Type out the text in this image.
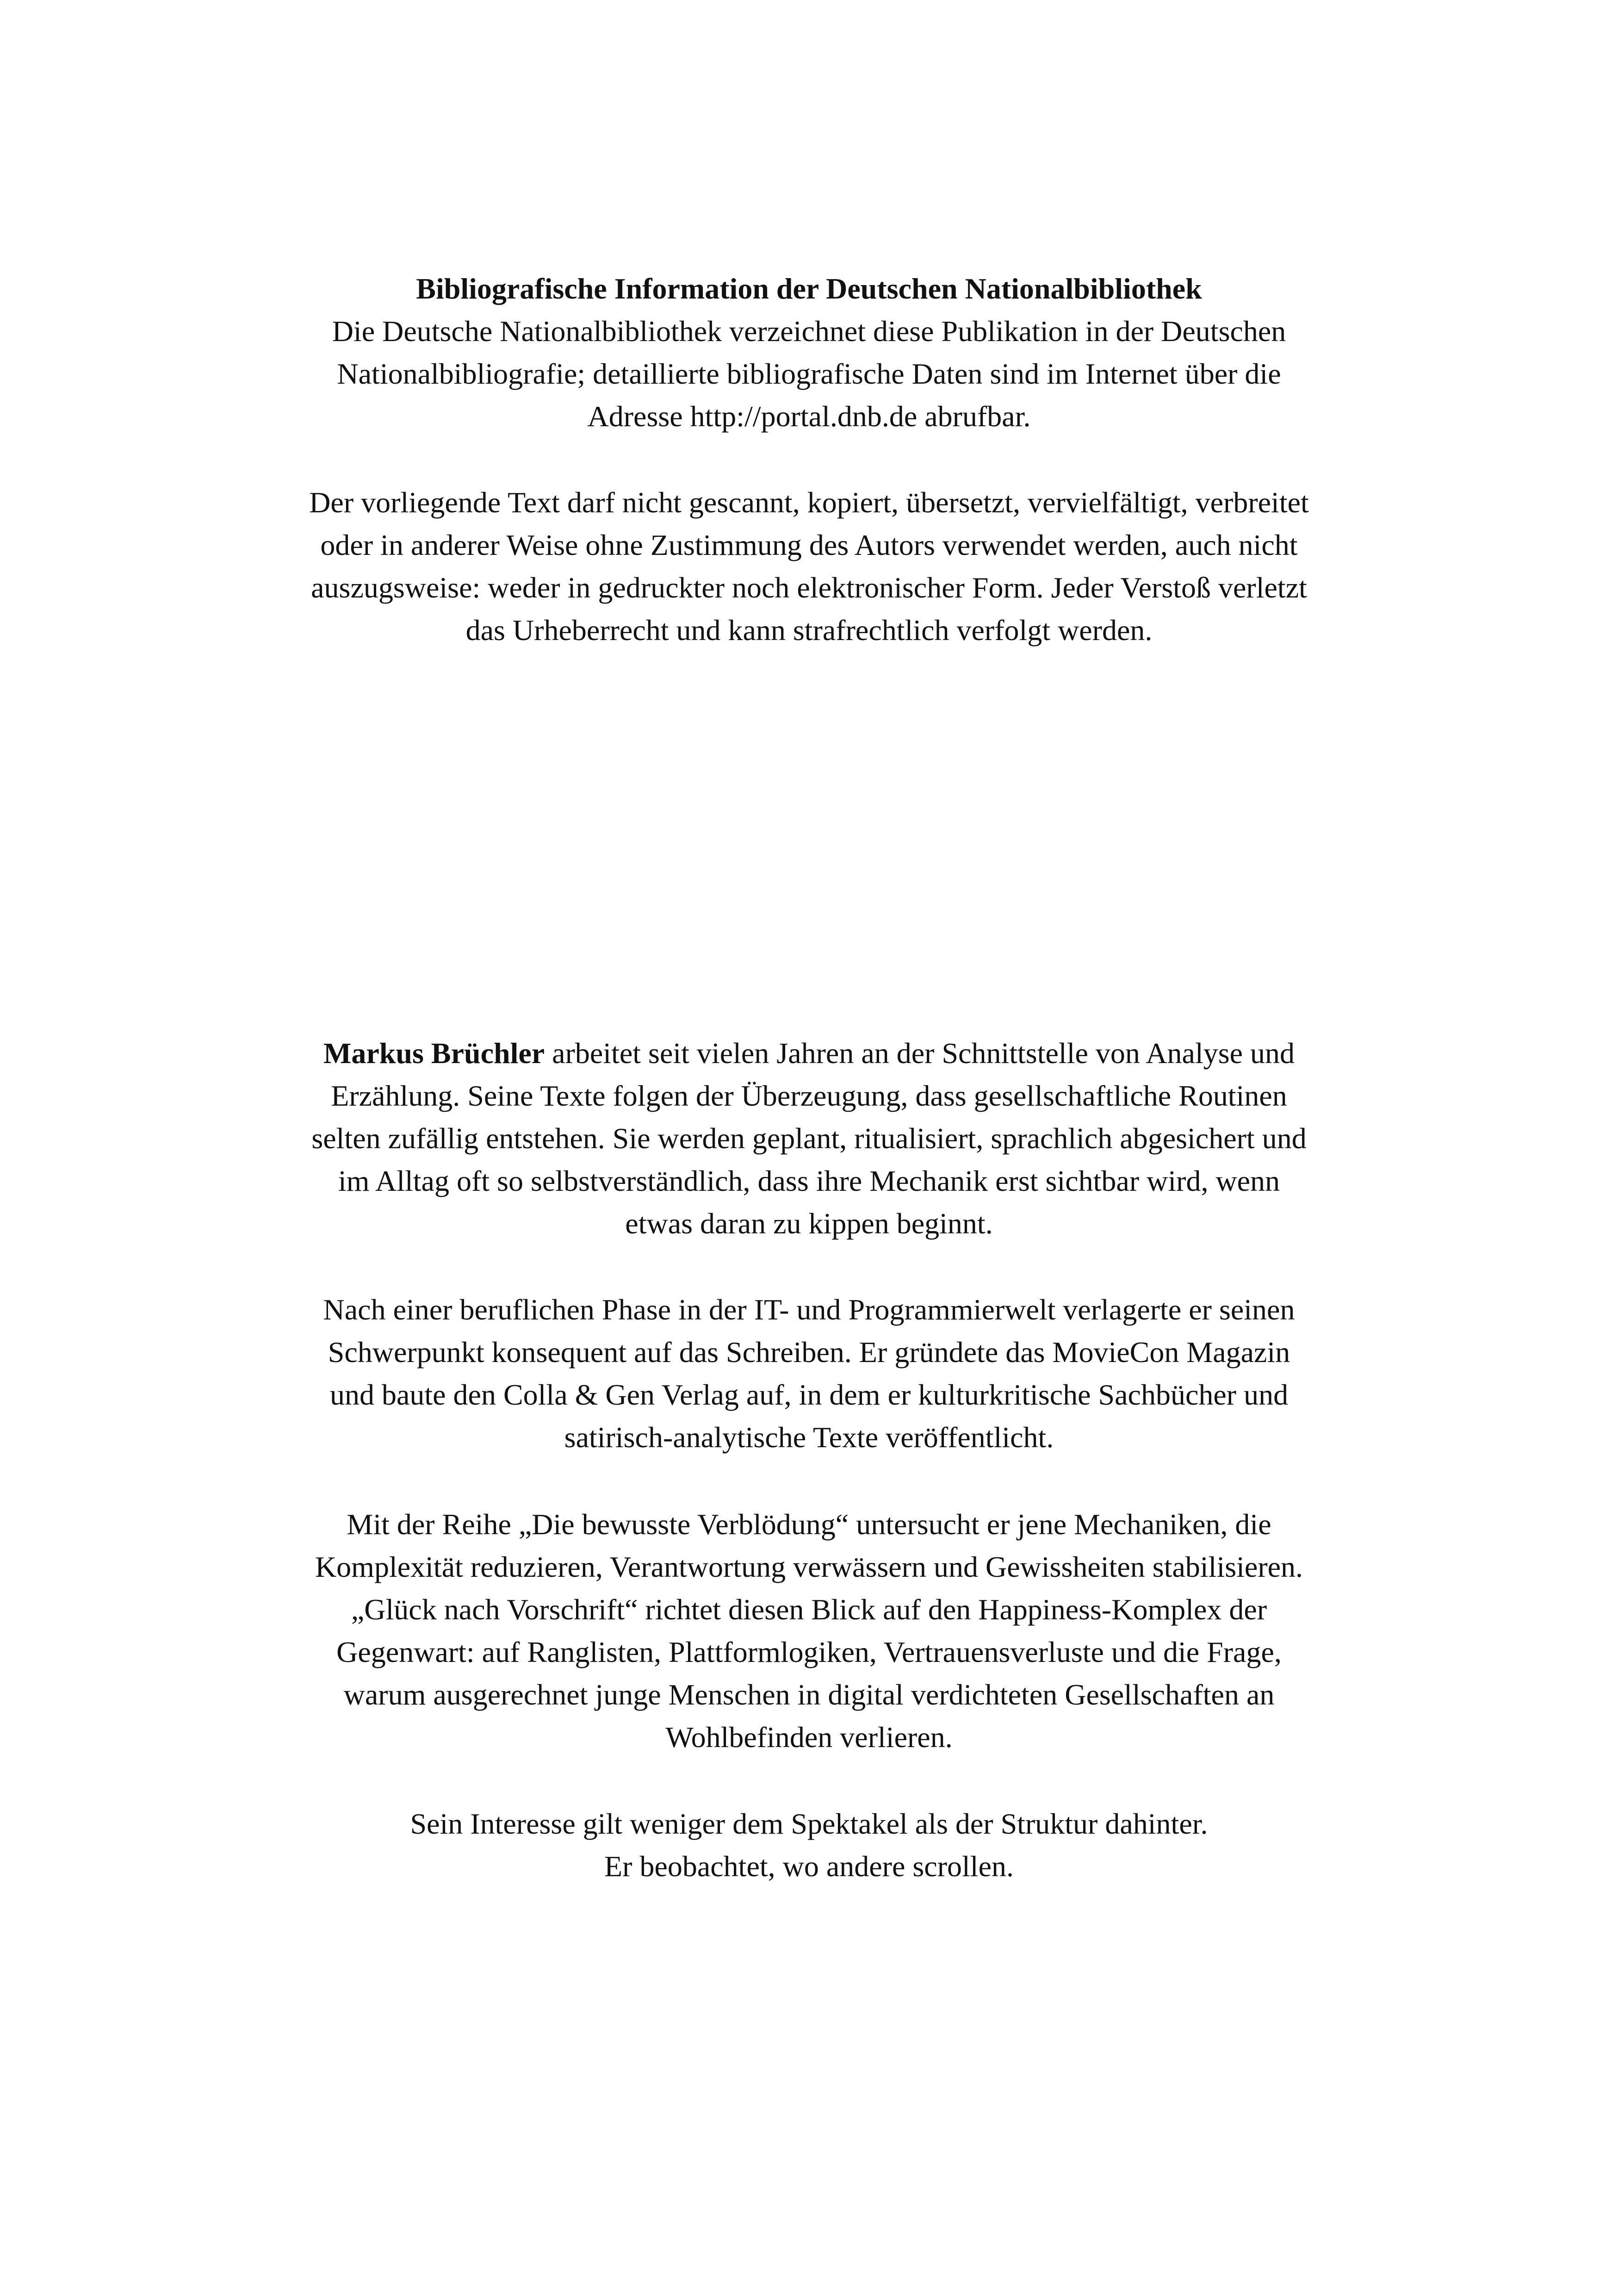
Bibliografische Information der Deutschen Nationalbibliothek
Die Deutsche Nationalbibliothek verzeichnet diese Publikation in der Deutschen
Nationalbibliografie; detaillierte bibliografische Daten sind im Internet über die
Adresse http://portal.dnb.de abrufbar.

Der vorliegende Text darf nicht gescannt, kopiert, übersetzt, vervielfältigt, verbreitet
oder in anderer Weise ohne Zustimmung des Autors verwendet werden, auch nicht
auszugsweise: weder in gedruckter noch elektronischer Form. Jeder Verstoß verletzt
das Urheberrecht und kann strafrechtlich verfolgt werden.

Markus Brüchler arbeitet seit vielen Jahren an der Schnittstelle von Analyse und
Erzählung. Seine Texte folgen der Überzeugung, dass gesellschaftliche Routinen
selten zufällig entstehen. Sie werden geplant, ritualisiert, sprachlich abgesichert und
im Alltag oft so selbstverständlich, dass ihre Mechanik erst sichtbar wird, wenn
etwas daran zu kippen beginnt.

Nach einer beruflichen Phase in der IT- und Programmierwelt verlagerte er seinen
Schwerpunkt konsequent auf das Schreiben. Er gründete das MovieCon Magazin
und baute den Colla & Gen Verlag auf, in dem er kulturkritische Sachbücher und
satirisch-analytische Texte veröffentlicht.

Mit der Reihe „Die bewusste Verblödung“ untersucht er jene Mechaniken, die
Komplexität reduzieren, Verantwortung verwässern und Gewissheiten stabilisieren.
„Glück nach Vorschrift“ richtet diesen Blick auf den Happiness-Komplex der
Gegenwart: auf Ranglisten, Plattformlogiken, Vertrauensverluste und die Frage,
warum ausgerechnet junge Menschen in digital verdichteten Gesellschaften an
Wohlbefinden verlieren.

Sein Interesse gilt weniger dem Spektakel als der Struktur dahinter.
Er beobachtet, wo andere scrollen.
